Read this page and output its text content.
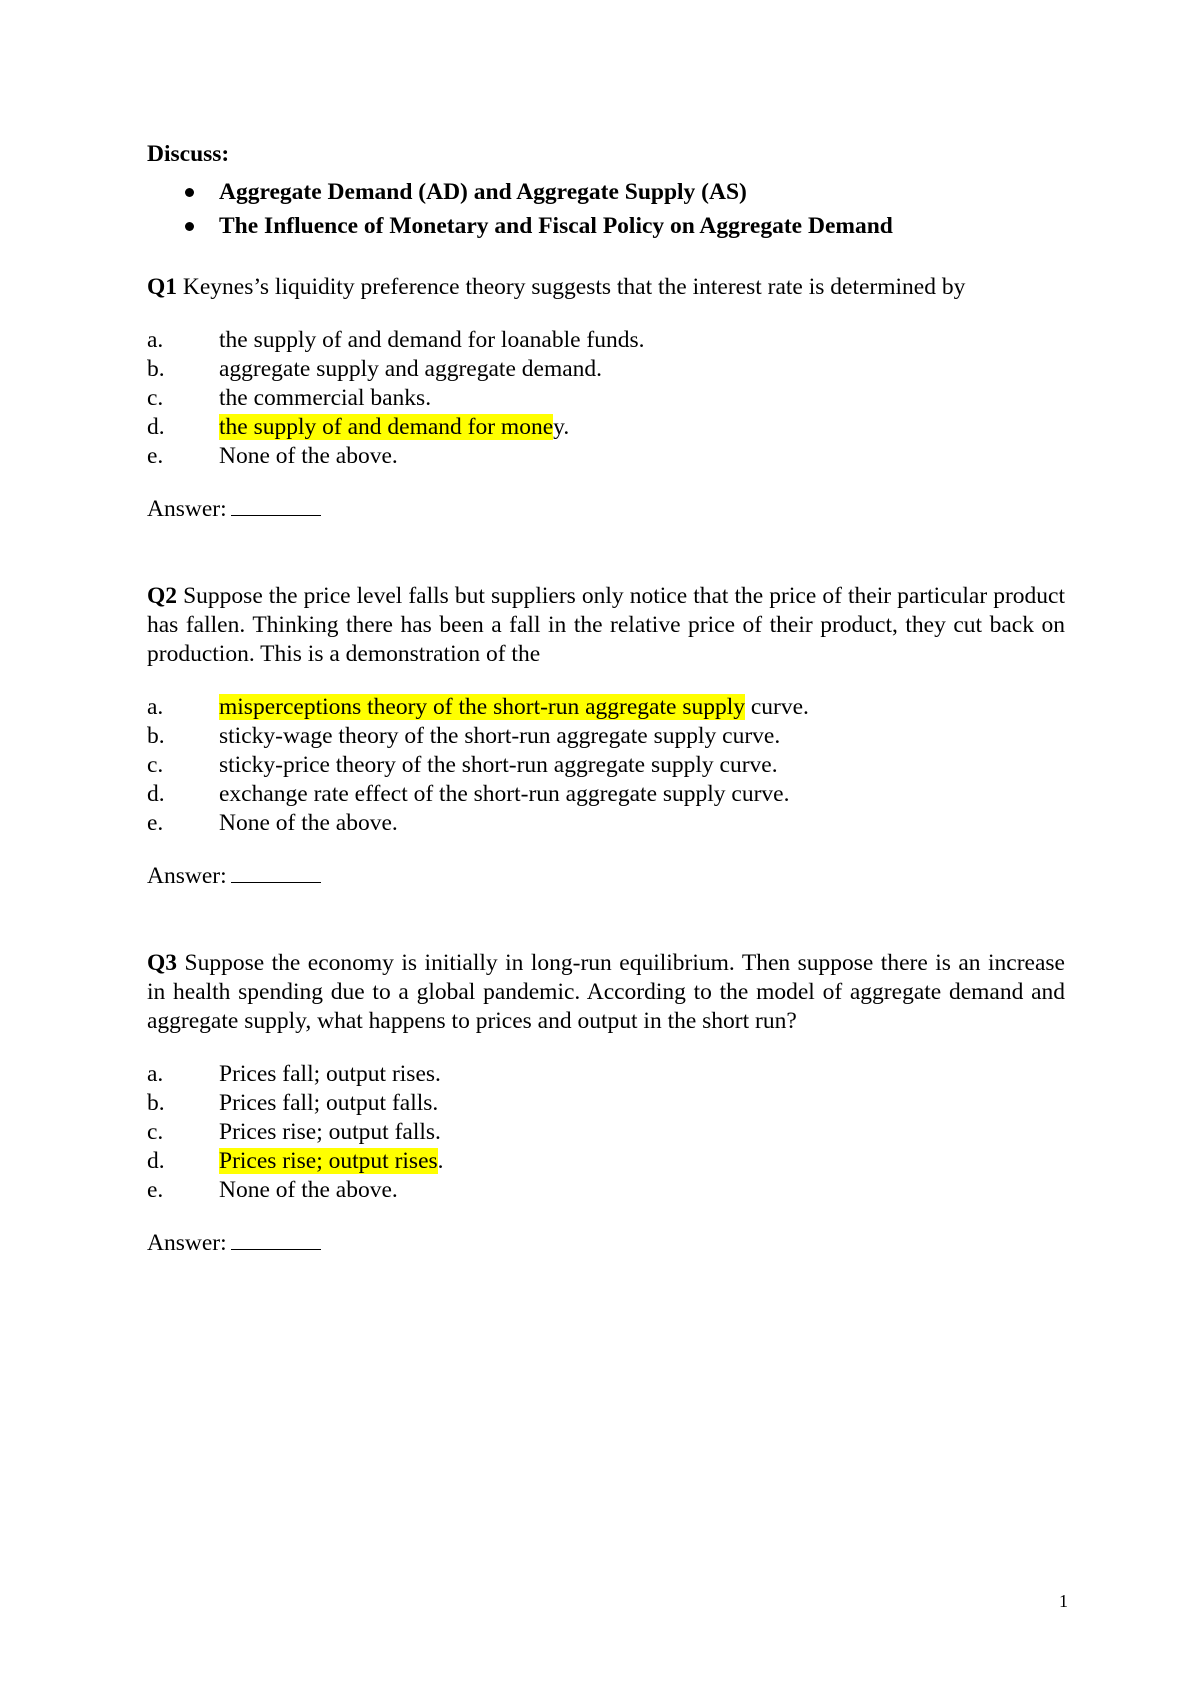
Discuss:

Aggregate Demand (AD) and Aggregate Supply (AS)
The Influence of Monetary and Fiscal Policy on Aggregate Demand
Q1 Keynes’s liquidity preference theory suggests that the interest rate is determined by
a. the supply of and demand for loanable funds.
b. aggregate supply and aggregate demand.
c. the commercial banks.
d. the supply of and demand for money.
e. None of the above.
Answer:
Q2 Suppose the price level falls but suppliers only notice that the price of their particular product has fallen. Thinking there has been a fall in the relative price of their product, they cut back on production. This is a demonstration of the
a. misperceptions theory of the short-run aggregate supply curve.
b. sticky-wage theory of the short-run aggregate supply curve.
c. sticky-price theory of the short-run aggregate supply curve.
d. exchange rate effect of the short-run aggregate supply curve.
e. None of the above.
Answer:
Q3 Suppose the economy is initially in long-run equilibrium. Then suppose there is an increase in health spending due to a global pandemic. According to the model of aggregate demand and aggregate supply, what happens to prices and output in the short run?
a. Prices fall; output rises.
b. Prices fall; output falls.
c. Prices rise; output falls.
d. Prices rise; output rises.
e. None of the above.
Answer:
1
